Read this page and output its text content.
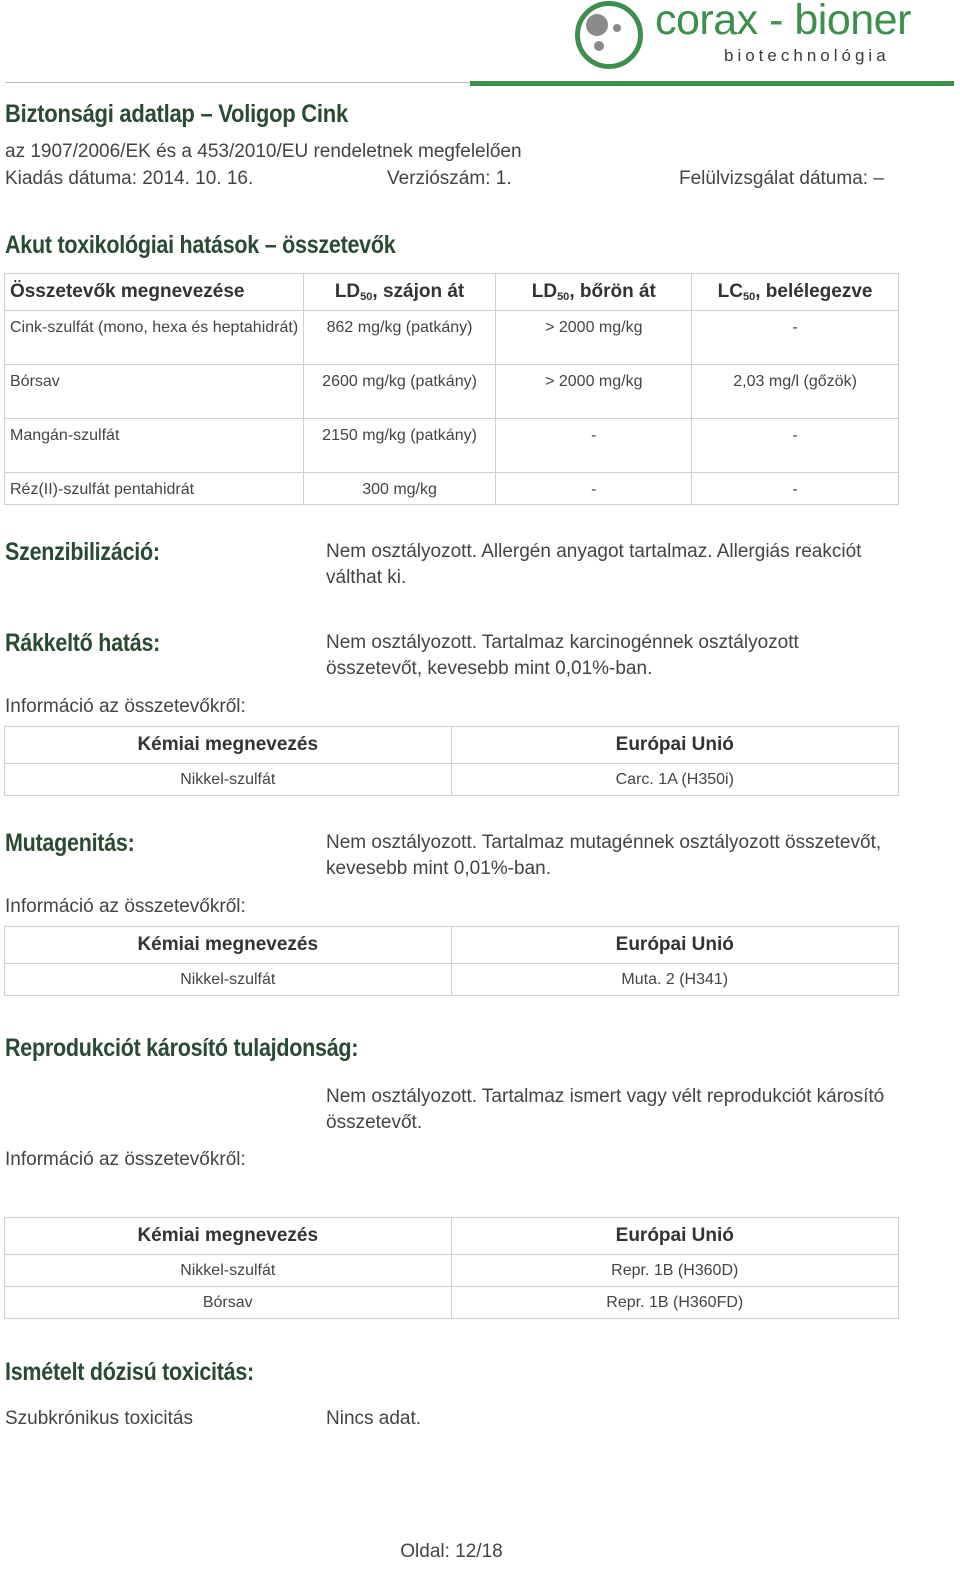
corax - bioner
biotechnológia
Biztonsági adatlap – Voligop Cink
az 1907/2006/EK és a 453/2010/EU rendeletnek megfelelően
Kiadás dátuma: 2014. 10. 16.	Verziószám: 1.	Felülvizsgálat dátuma: –
Akut toxikológiai hatások – összetevők
Összetevők megnevezése	$LD_{50}$, szájon át	$LD_{50}$, bőrön át	$LC_{50}$, belélegezve
Cink-szulfát (mono, hexa és heptahidrát)	862 mg/kg (patkány)	> 2000 mg/kg	-
Bórsav	2600 mg/kg (patkány)	> 2000 mg/kg	2,03 mg/l (gőzök)
Mangán-szulfát	2150 mg/kg (patkány)	-	-
Réz(II)-szulfát pentahidrát	300 mg/kg	-	-
Szenzibilizáció:	Nem osztályozott. Allergén anyagot tartalmaz. Allergiás reakciót válthat ki.
Rákkeltő hatás:	Nem osztályozott. Tartalmaz karcinogénnek osztályozott összetevőt, kevesebb mint 0,01%-ban.
Információ az összetevőkről:
Kémiai megnevezés	Európai Unió
Nikkel-szulfát	Carc. 1A (H350i)
Mutagenitás:	Nem osztályozott. Tartalmaz mutagénnek osztályozott összetevőt, kevesebb mint 0,01%-ban.
Információ az összetevőkről:
Kémiai megnevezés	Európai Unió
Nikkel-szulfát	Muta. 2 (H341)
Reprodukciót károsító tulajdonság:
Nem osztályozott. Tartalmaz ismert vagy vélt reprodukciót károsító összetevőt.
Információ az összetevőkről:
Kémiai megnevezés	Európai Unió
Nikkel-szulfát	Repr. 1B (H360D)
Bórsav	Repr. 1B (H360FD)
Ismételt dózisú toxicitás:
Szubkrónikus toxicitás	Nincs adat.
Oldal: 12/18
